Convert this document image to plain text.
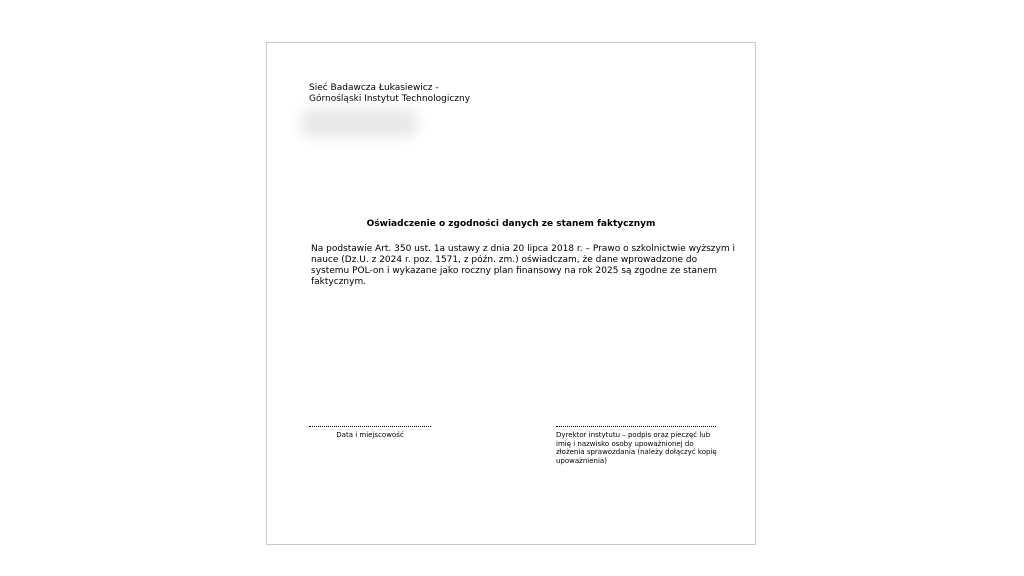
Sieć Badawcza Łukasiewicz -
Górnośląski Instytut Technologiczny
Oświadczenie o zgodności danych ze stanem faktycznym
Na podstawie Art. 350 ust. 1a ustawy z dnia 20 lipca 2018 r. – Prawo o szkolnictwie wyższym i
nauce (Dz.U. z 2024 r. poz. 1571, z późn. zm.) oświadczam, że dane wprowadzone do
systemu POL-on i wykazane jako roczny plan finansowy na rok 2025 są zgodne ze stanem
faktycznym.
Data i miejscowość	Dyrektor instytutu – podpis oraz pieczęć lub
imię i nazwisko osoby upoważnionej do
złożenia sprawozdania (należy dołączyć kopię
upoważnienia)
